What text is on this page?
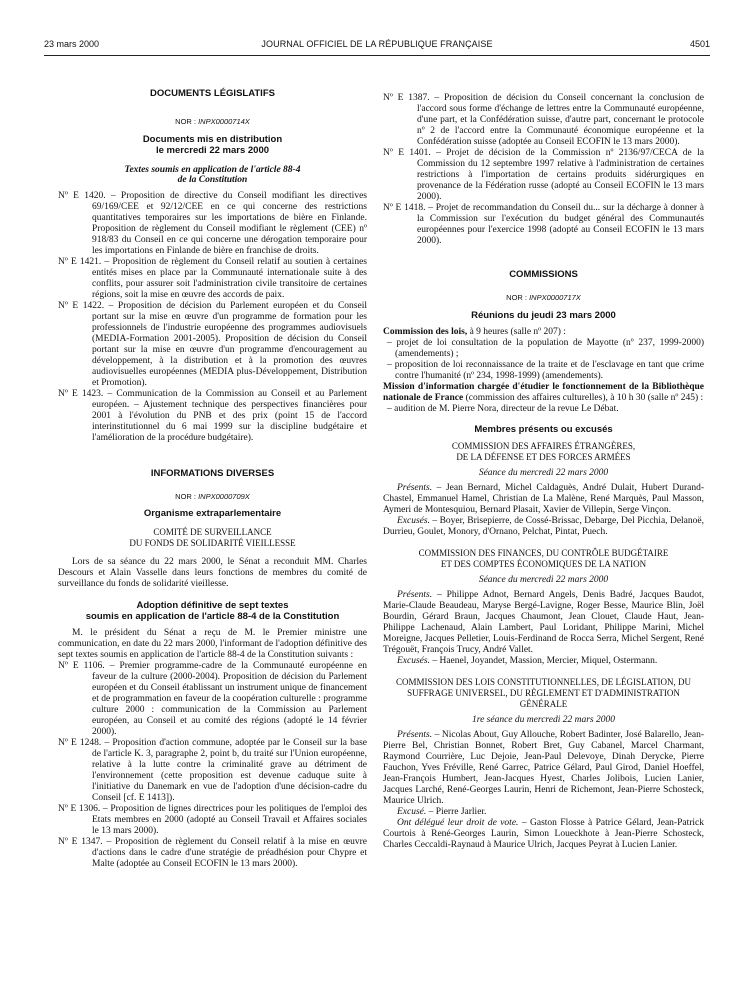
23 mars 2000	JOURNAL OFFICIEL DE LA RÉPUBLIQUE FRANÇAISE	4501

DOCUMENTS LÉGISLATIFS

NOR : INPX0000714X

Documents mis en distribution
le mercredi 22 mars 2000

Textes soumis en application de l'article 88-4
de la Constitution

Nº E 1420. – Proposition de directive du Conseil modifiant les directives 69/169/CEE et 92/12/CEE en ce qui concerne des restrictions quantitatives temporaires sur les importations de bière en Finlande. Proposition de règlement du Conseil modifiant le règlement (CEE) nº 918/83 du Conseil en ce qui concerne une dérogation temporaire pour les importations en Finlande de bière en franchise de droits.

Nº E 1421. – Proposition de règlement du Conseil relatif au soutien à certaines entités mises en place par la Communauté internationale suite à des conflits, pour assurer soit l'administration civile transitoire de certaines régions, soit la mise en œuvre des accords de paix.

Nº E 1422. – Proposition de décision du Parlement européen et du Conseil portant sur la mise en œuvre d'un programme de formation pour les professionnels de l'industrie européenne des programmes audiovisuels (MEDIA-Formation 2001-2005). Proposition de décision du Conseil portant sur la mise en œuvre d'un programme d'encouragement au développement, à la distribution et à la promotion des œuvres audiovisuelles européennes (MEDIA plus-Développement, Distribution et Promotion).

Nº E 1423. – Communication de la Commission au Conseil et au Parlement européen. – Ajustement technique des perspectives financières pour 2001 à l'évolution du PNB et des prix (point 15 de l'accord interinstitutionnel du 6 mai 1999 sur la discipline budgétaire et l'amélioration de la procédure budgétaire).

INFORMATIONS DIVERSES

NOR : INPX0000709X

Organisme extraparlementaire

COMITÉ DE SURVEILLANCE
DU FONDS DE SOLIDARITÉ VIEILLESSE

Lors de sa séance du 22 mars 2000, le Sénat a reconduit MM. Charles Descours et Alain Vasselle dans leurs fonctions de membres du comité de surveillance du fonds de solidarité vieillesse.

Adoption définitive de sept textes
soumis en application de l'article 88-4 de la Constitution

M. le président du Sénat a reçu de M. le Premier ministre une communication, en date du 22 mars 2000, l'informant de l'adoption définitive des sept textes soumis en application de l'article 88-4 de la Constitution suivants :

Nº E 1106. – Premier programme-cadre de la Communauté européenne en faveur de la culture (2000-2004). Proposition de décision du Parlement européen et du Conseil établissant un instrument unique de financement et de programmation en faveur de la coopération culturelle : programme culture 2000 : communication de la Commission au Parlement européen, au Conseil et au comité des régions (adopté le 14 février 2000).

Nº E 1248. – Proposition d'action commune, adoptée par le Conseil sur la base de l'article K. 3, paragraphe 2, point b, du traité sur l'Union européenne, relative à la lutte contre la criminalité grave au détriment de l'environnement (cette proposition est devenue caduque suite à l'initiative du Danemark en vue de l'adoption d'une décision-cadre du Conseil [cf. E 1413]).

Nº E 1306. – Proposition de lignes directrices pour les politiques de l'emploi des Etats membres en 2000 (adopté au Conseil Travail et Affaires sociales le 13 mars 2000).

Nº E 1347. – Proposition de règlement du Conseil relatif à la mise en œuvre d'actions dans le cadre d'une stratégie de préadhésion pour Chypre et Malte (adoptée au Conseil ECOFIN le 13 mars 2000).

Nº E 1387. – Proposition de décision du Conseil concernant la conclusion de l'accord sous forme d'échange de lettres entre la Communauté européenne, d'une part, et la Confédération suisse, d'autre part, concernant le protocole nº 2 de l'accord entre la Communauté économique européenne et la Confédération suisse (adoptée au Conseil ECOFIN le 13 mars 2000).

Nº E 1401. – Projet de décision de la Commission nº 2136/97/CECA de la Commission du 12 septembre 1997 relative à l'administration de certaines restrictions à l'importation de certains produits sidérurgiques en provenance de la Fédération russe (adopté au Conseil ECOFIN le 13 mars 2000).

Nº E 1418. – Projet de recommandation du Conseil du... sur la décharge à donner à la Commission sur l'exécution du budget général des Communautés européennes pour l'exercice 1998 (adopté au Conseil ECOFIN le 13 mars 2000).

COMMISSIONS

NOR : INPX0000717X

Réunions du jeudi 23 mars 2000

Commission des lois, à 9 heures (salle nº 207) :

– projet de loi consultation de la population de Mayotte (nº 237, 1999-2000) (amendements) ;

– proposition de loi reconnaissance de la traite et de l'esclavage en tant que crime contre l'humanité (nº 234, 1998-1999) (amendements).

Mission d'information chargée d'étudier le fonctionnement de la Bibliothèque nationale de France (commission des affaires culturelles), à 10 h 30 (salle nº 245) :

– audition de M. Pierre Nora, directeur de la revue Le Débat.

Membres présents ou excusés

COMMISSION DES AFFAIRES ÉTRANGÈRES,
DE LA DÉFENSE ET DES FORCES ARMÉES

Séance du mercredi 22 mars 2000

Présents. – Jean Bernard, Michel Caldaguès, André Dulait, Hubert Durand-Chastel, Emmanuel Hamel, Christian de La Malène, René Marquès, Paul Masson, Aymeri de Montesquiou, Bernard Plasait, Xavier de Villepin, Serge Vinçon.

Excusés. – Boyer, Brisepierre, de Cossé-Brissac, Debarge, Del Picchia, Delanoë, Durrieu, Goulet, Monory, d'Ornano, Pelchat, Pintat, Puech.

COMMISSION DES FINANCES, DU CONTRÔLE BUDGÉTAIRE
ET DES COMPTES ÉCONOMIQUES DE LA NATION

Séance du mercredi 22 mars 2000

Présents. – Philippe Adnot, Bernard Angels, Denis Badré, Jacques Baudot, Marie-Claude Beaudeau, Maryse Bergé-Lavigne, Roger Besse, Maurice Blin, Joël Bourdin, Gérard Braun, Jacques Chaumont, Jean Clouet, Claude Haut, Jean-Philippe Lachenaud, Alain Lambert, Paul Loridant, Philippe Marini, Michel Moreigne, Jacques Pelletier, Louis-Ferdinand de Rocca Serra, Michel Sergent, René Trégouët, François Trucy, André Vallet.

Excusés. – Haenel, Joyandet, Massion, Mercier, Miquel, Ostermann.

COMMISSION DES LOIS CONSTITUTIONNELLES, DE LÉGISLATION, DU SUFFRAGE UNIVERSEL, DU RÈGLEMENT ET D'ADMINISTRATION GÉNÉRALE

1re séance du mercredi 22 mars 2000

Présents. – Nicolas About, Guy Allouche, Robert Badinter, José Balarello, Jean-Pierre Bel, Christian Bonnet, Robert Bret, Guy Cabanel, Marcel Charmant, Raymond Courrière, Luc Dejoie, Jean-Paul Delevoye, Dinah Derycke, Pierre Fauchon, Yves Fréville, René Garrec, Patrice Gélard, Paul Girod, Daniel Hoeffel, Jean-François Humbert, Jean-Jacques Hyest, Charles Jolibois, Lucien Lanier, Jacques Larché, René-Georges Laurin, Henri de Richemont, Jean-Pierre Schosteck, Maurice Ulrich.

Excusé. – Pierre Jarlier.

Ont délégué leur droit de vote. – Gaston Flosse à Patrice Gélard, Jean-Patrick Courtois à René-Georges Laurin, Simon Loueckhote à Jean-Pierre Schosteck, Charles Ceccaldi-Raynaud à Maurice Ulrich, Jacques Peyrat à Lucien Lanier.
